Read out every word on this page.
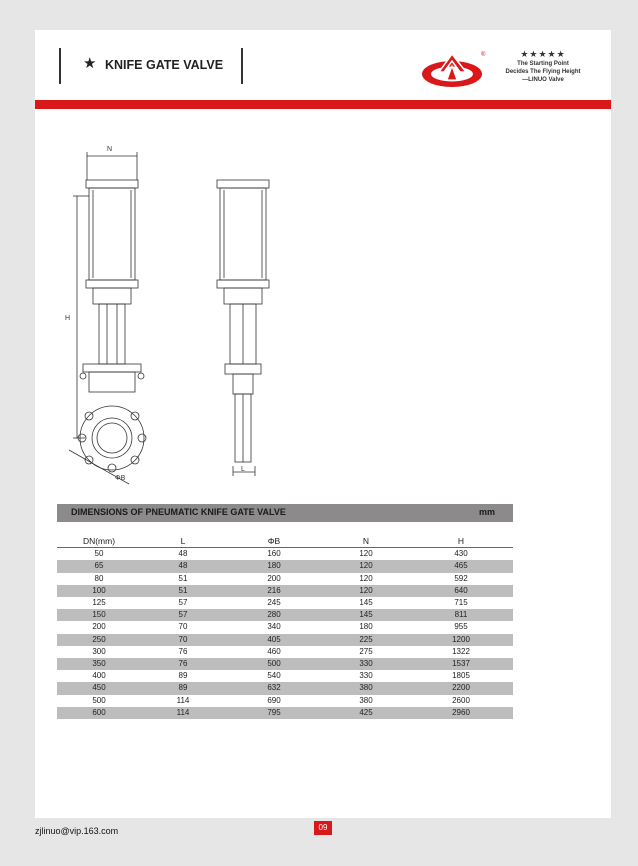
★ KNIFE GATE VALVE
®	★★★★★
The Starting Point
Decides The Flying Height
—LINUO Valve
N
H
ΦB
L
DIMENSIONS OF PNEUMATIC KNIFE GATE VALVE	mm
DN(mm)	L	ΦB	N	H
50	48	160	120	430
65	48	180	120	465
80	51	200	120	592
100	51	216	120	640
125	57	245	145	715
150	57	280	145	811
200	70	340	180	955
250	70	405	225	1200
300	76	460	275	1322
350	76	500	330	1537
400	89	540	330	1805
450	89	632	380	2200
500	114	690	380	2600
600	114	795	425	2960
zjlinuo@vip.163.com	09
